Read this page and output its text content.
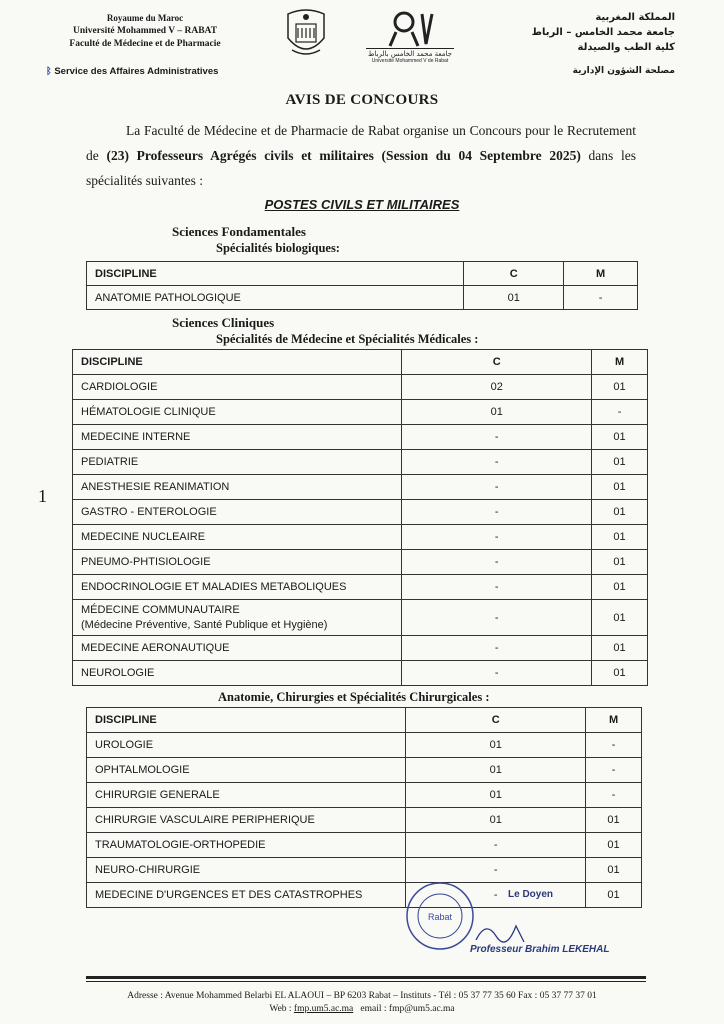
Royaume du Maroc
Université Mohammed V – RABAT
Faculté de Médecine et de Pharmacie
ᛒ Service des Affaires Administratives
جامعة محمد الخامس بالرباط
Université Mohammed V de Rabat
المملكة المغربية
جامعة محمد الخامس – الرباط
كلية الطب والصيدلة
مصلحة الشؤون الإدارية
AVIS DE CONCOURS

La Faculté de Médecine et de Pharmacie de Rabat organise un Concours pour le Recrutement de (23) Professeurs Agrégés civils et militaires (Session du 04 Septembre 2025) dans les spécialités suivantes :

POSTES CIVILS ET MILITAIRES
Sciences Fondamentales
Spécialités biologiques:
DISCIPLINE	C	M
ANATOMIE PATHOLOGIQUE	01	-
Sciences Cliniques
Spécialités de Médecine et Spécialités Médicales :
DISCIPLINE	C	M
CARDIOLOGIE	02	01
HÉMATOLOGIE CLINIQUE	01	-
MEDECINE INTERNE	-	01
PEDIATRIE	-	01
ANESTHESIE REANIMATION	-	01
GASTRO - ENTEROLOGIE	-	01
MEDECINE NUCLEAIRE	-	01
PNEUMO-PHTISIOLOGIE	-	01
ENDOCRINOLOGIE ET MALADIES METABOLIQUES	-	01
MÉDECINE COMMUNAUTAIRE
(Médecine Préventive, Santé Publique et Hygiène)	-	01
MEDECINE AERONAUTIQUE	-	01
NEUROLOGIE	-	01
Anatomie, Chirurgies et Spécialités Chirurgicales :
DISCIPLINE	C	M
UROLOGIE	01	-
OPHTALMOLOGIE	01	-
CHIRURGIE GENERALE	01	-
CHIRURGIE VASCULAIRE PERIPHERIQUE	01	01
TRAUMATOLOGIE-ORTHOPEDIE	-	01
NEURO-CHIRURGIE	-	01
MEDECINE D'URGENCES ET DES CATASTROPHES	-	01
1
Rabat
Le Doyen
Professeur Brahim LEKEHAL
Adresse : Avenue Mohammed Belarbi EL ALAOUI – BP 6203 Rabat – Instituts - Tél : 05 37 77 35 60 Fax : 05 37 77 37 01
Web : fmp.um5.ac.ma email : fmp@um5.ac.ma
